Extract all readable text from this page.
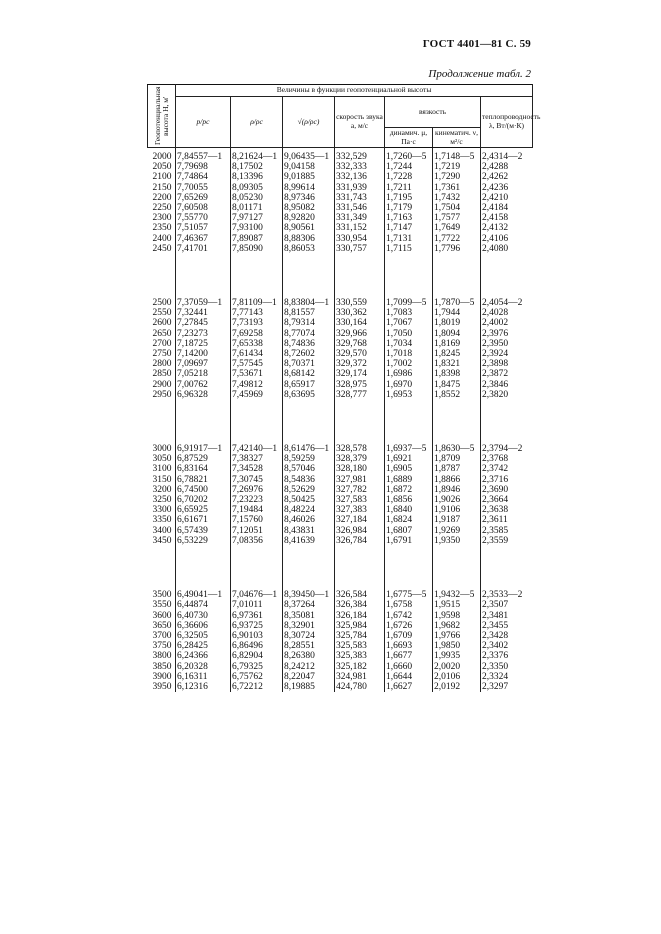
ГОСТ 4401—81 С. 59
Продолжение табл. 2
Геопотенциальная высота H, м'	Величины в функции геопотенциальной высоты						
	p/pc	ρ/ρc	√(ρ/ρc)	скорость звука a, м/с	вязкость		теплопроводность λ, Вт/(м·К)
					динамич. μ, Па·с	кинематич. ν, м²/с	

2000	7,84557—1	8,21624—1	9,06435—1	332,529	1,7260—5	1,7148—5	2,4314—2
2050	7,79698	8,17502	9,04158	332,333	1,7244	1,7219	2,4288
2100	7,74864	8,13396	9,01885	332,136	1,7228	1,7290	2,4262
2150	7,70055	8,09305	8,99614	331,939	1,7211	1,7361	2,4236
2200	7,65269	8,05230	8,97346	331,743	1,7195	1,7432	2,4210
2250	7,60508	8,01171	8,95082	331,546	1,7179	1,7504	2,4184
2300	7,55770	7,97127	8,92820	331,349	1,7163	1,7577	2,4158
2350	7,51057	7,93100	8,90561	331,152	1,7147	1,7649	2,4132
2400	7,46367	7,89087	8,88306	330,954	1,7131	1,7722	2,4106
2450	7,41701	7,85090	8,86053	330,757	1,7115	1,7796	2,4080

2500	7,37059—1	7,81109—1	8,83804—1	330,559	1,7099—5	1,7870—5	2,4054—2
2550	7,32441	7,77143	8,81557	330,362	1,7083	1,7944	2,4028
2600	7,27845	7,73193	8,79314	330,164	1,7067	1,8019	2,4002
2650	7,23273	7,69258	8,77074	329,966	1,7050	1,8094	2,3976
2700	7,18725	7,65338	8,74836	329,768	1,7034	1,8169	2,3950
2750	7,14200	7,61434	8,72602	329,570	1,7018	1,8245	2,3924
2800	7,09697	7,57545	8,70371	329,372	1,7002	1,8321	2,3898
2850	7,05218	7,53671	8,68142	329,174	1,6986	1,8398	2,3872
2900	7,00762	7,49812	8,65917	328,975	1,6970	1,8475	2,3846
2950	6,96328	7,45969	8,63695	328,777	1,6953	1,8552	2,3820

3000	6,91917—1	7,42140—1	8,61476—1	328,578	1,6937—5	1,8630—5	2,3794—2
3050	6,87529	7,38327	8,59259	328,379	1,6921	1,8709	2,3768
3100	6,83164	7,34528	8,57046	328,180	1,6905	1,8787	2,3742
3150	6,78821	7,30745	8,54836	327,981	1,6889	1,8866	2,3716
3200	6,74500	7,26976	8,52629	327,782	1,6872	1,8946	2,3690
3250	6,70202	7,23223	8,50425	327,583	1,6856	1,9026	2,3664
3300	6,65925	7,19484	8,48224	327,383	1,6840	1,9106	2,3638
3350	6,61671	7,15760	8,46026	327,184	1,6824	1,9187	2,3611
3400	6,57439	7,12051	8,43831	326,984	1,6807	1,9269	2,3585
3450	6,53229	7,08356	8,41639	326,784	1,6791	1,9350	2,3559

3500	6,49041—1	7,04676—1	8,39450—1	326,584	1,6775—5	1,9432—5	2,3533—2
3550	6,44874	7,01011	8,37264	326,384	1,6758	1,9515	2,3507
3600	6,40730	6,97361	8,35081	326,184	1,6742	1,9598	2,3481
3650	6,36606	6,93725	8,32901	325,984	1,6726	1,9682	2,3455
3700	6,32505	6,90103	8,30724	325,784	1,6709	1,9766	2,3428
3750	6,28425	6,86496	8,28551	325,583	1,6693	1,9850	2,3402
3800	6,24366	6,82904	8,26380	325,383	1,6677	1,9935	2,3376
3850	6,20328	6,79325	8,24212	325,182	1,6660	2,0020	2,3350
3900	6,16311	6,75762	8,22047	324,981	1,6644	2,0106	2,3324
3950	6,12316	6,72212	8,19885	424,780	1,6627	2,0192	2,3297
